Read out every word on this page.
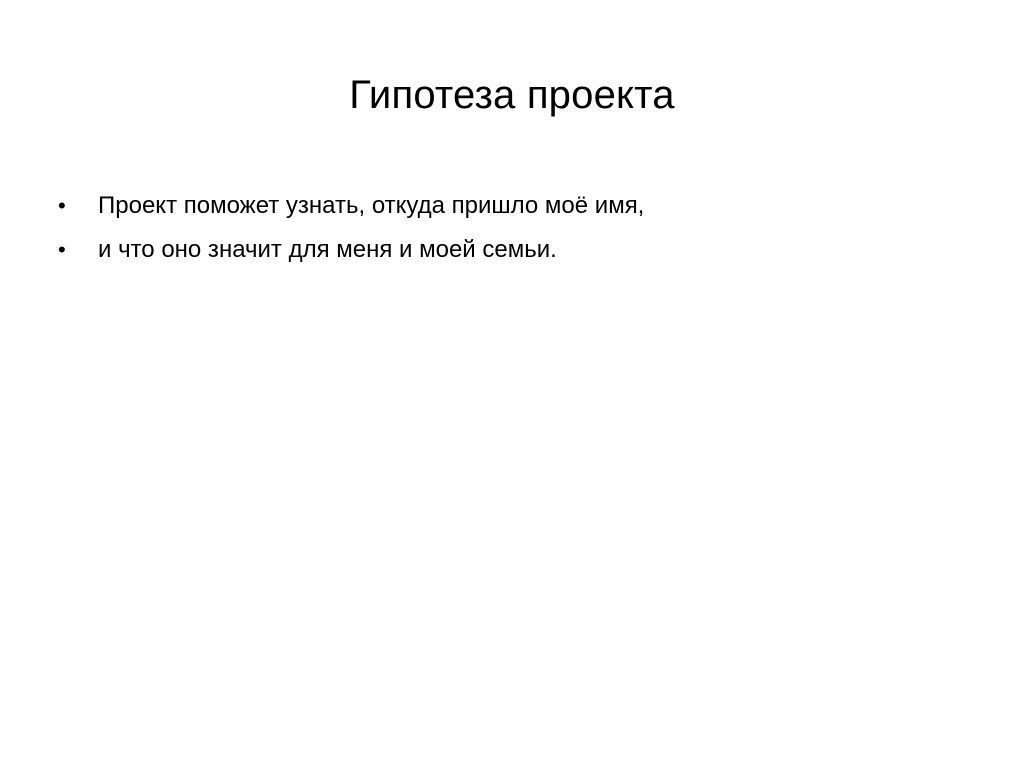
Гипотеза проекта
•	Проект поможет узнать, откуда пришло моё имя,
•	и что оно значит для меня и моей семьи.
